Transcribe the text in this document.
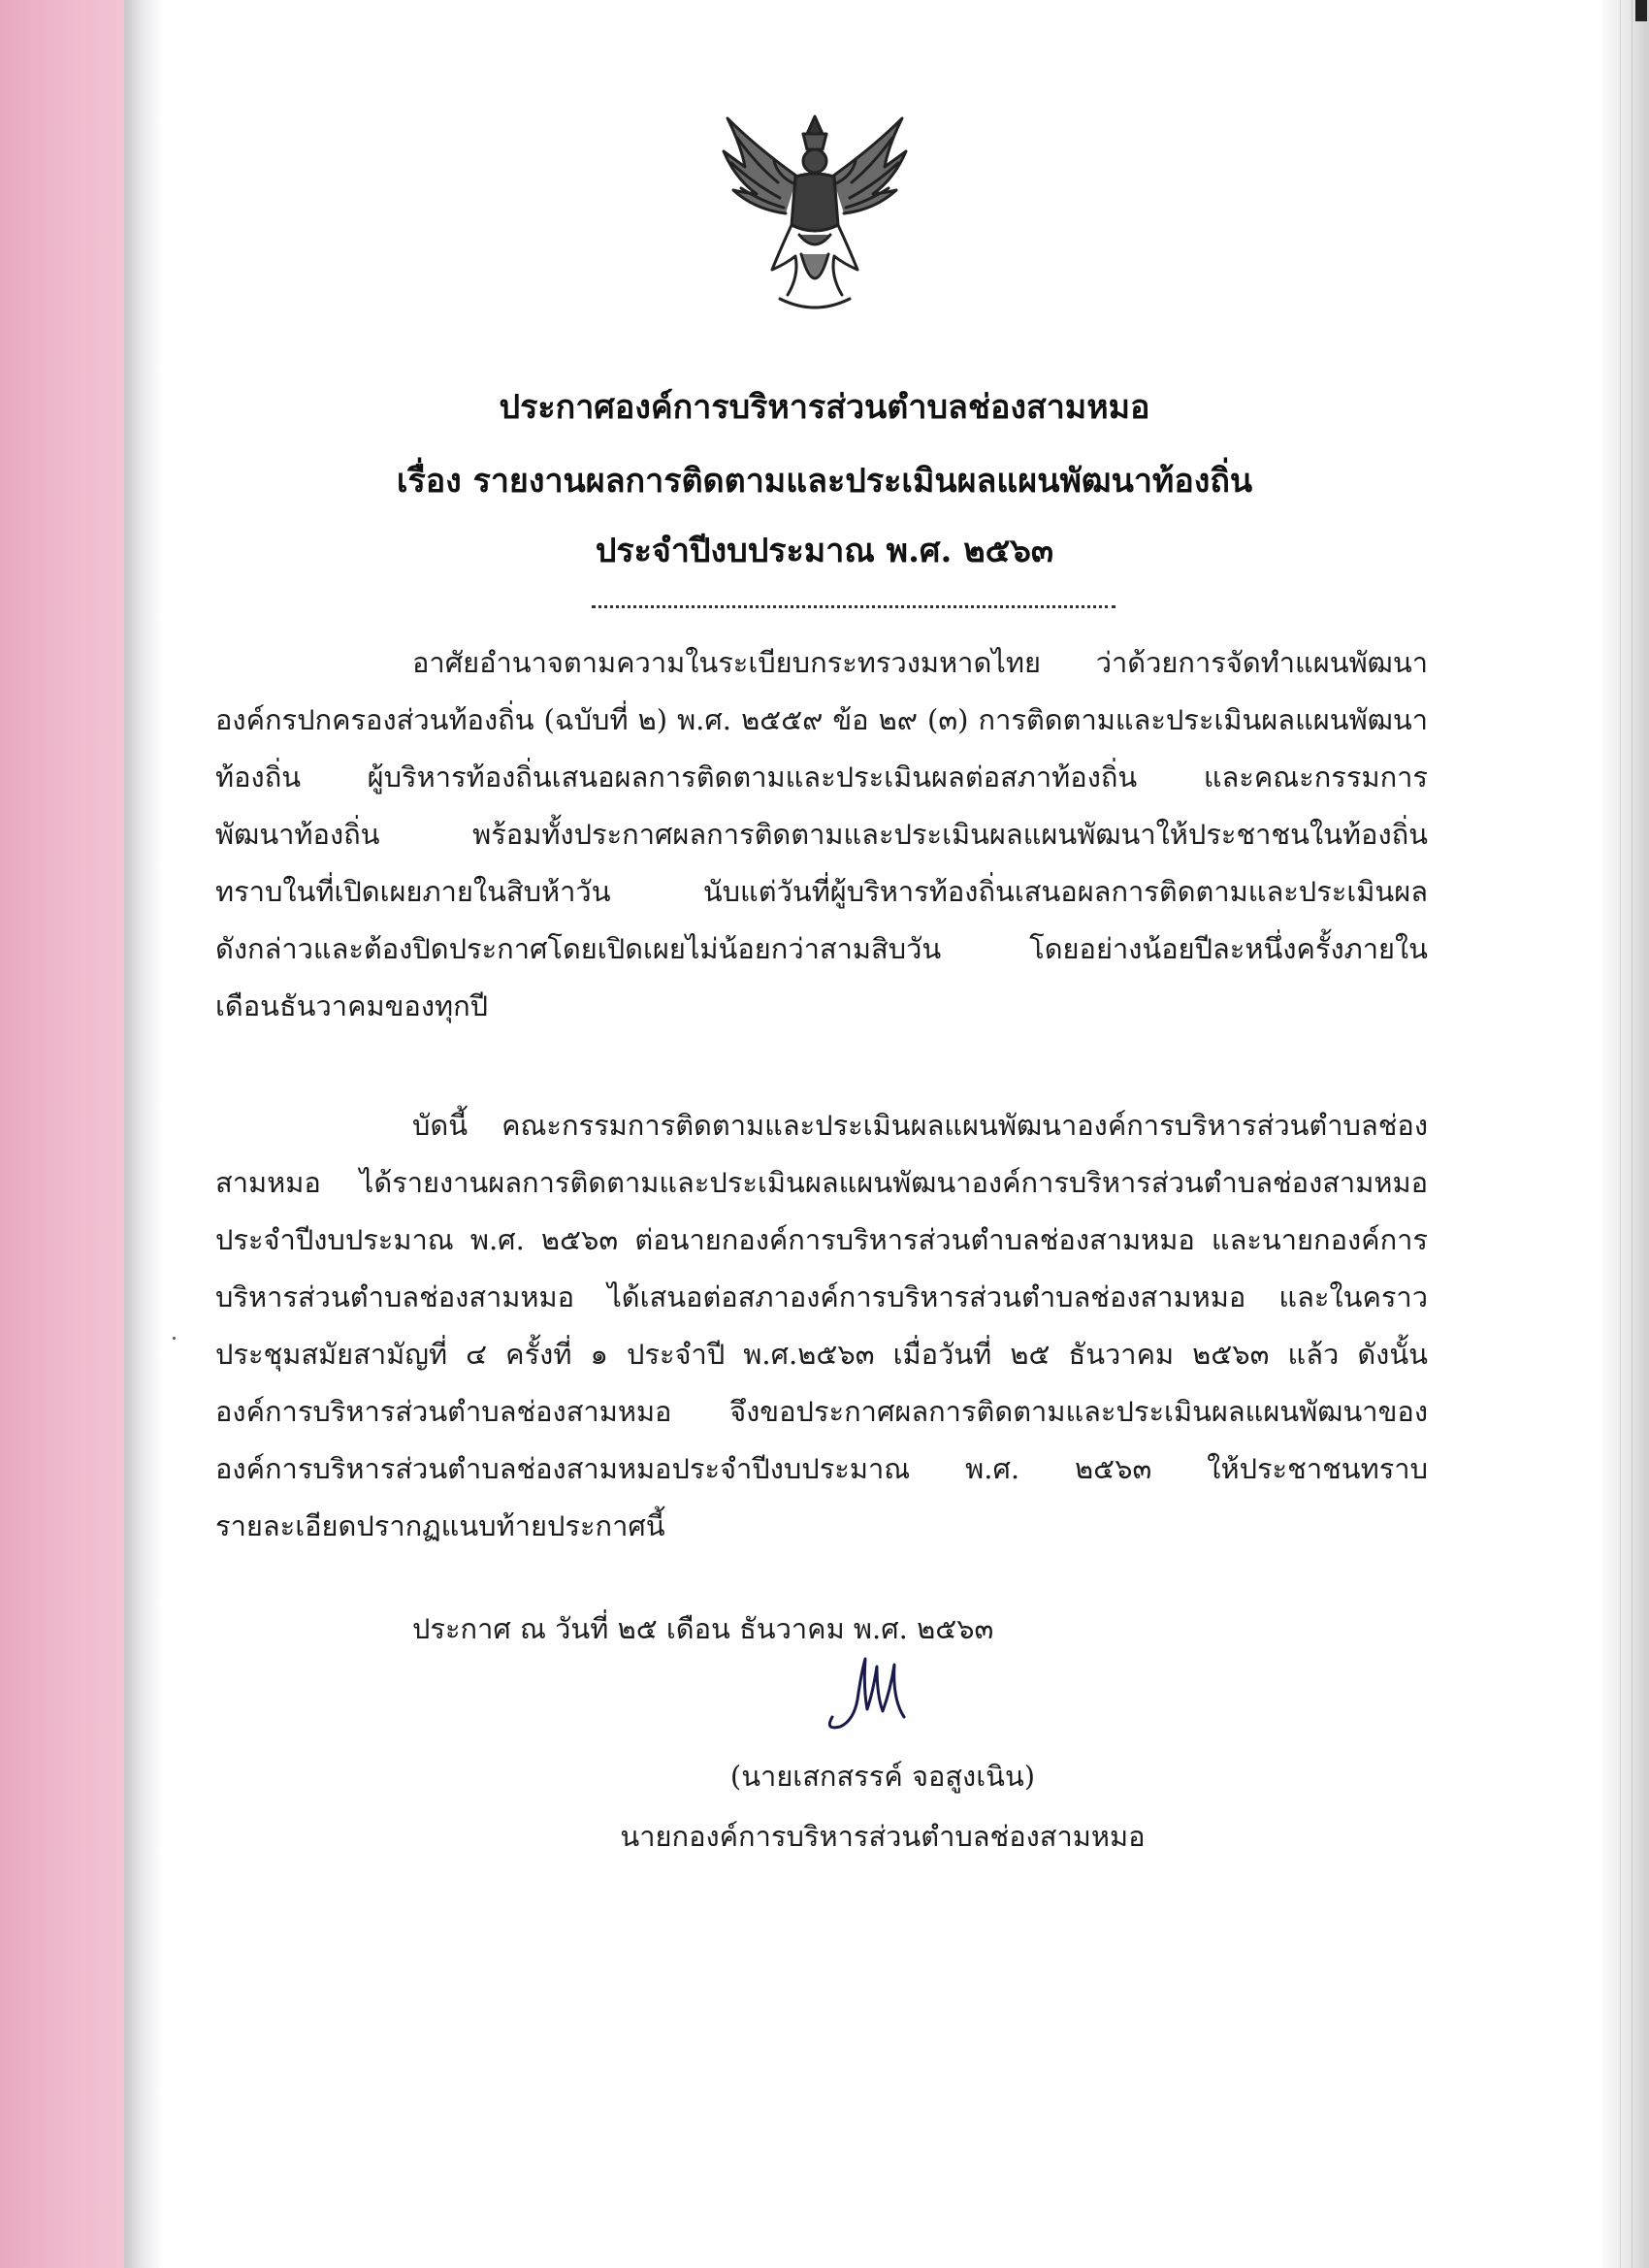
ประกาศองค์การบริหารส่วนตำบลช่องสามหมอ
เรื่อง รายงานผลการติดตามและประเมินผลแผนพัฒนาท้องถิ่น
ประจำปีงบประมาณ พ.ศ. ๒๕๖๓
อาศัยอำนาจตามความในระเบียบกระทรวงมหาดไทย ว่าด้วยการจัดทำแผนพัฒนา
องค์กรปกครองส่วนท้องถิ่น (ฉบับที่ ๒) พ.ศ. ๒๕๕๙ ข้อ ๒๙ (๓) การติดตามและประเมินผลแผนพัฒนา
ท้องถิ่น ผู้บริหารท้องถิ่นเสนอผลการติดตามและประเมินผลต่อสภาท้องถิ่น และคณะกรรมการ
พัฒนาท้องถิ่น พร้อมทั้งประกาศผลการติดตามและประเมินผลแผนพัฒนาให้ประชาชนในท้องถิ่น
ทราบในที่เปิดเผยภายในสิบห้าวัน นับแต่วันที่ผู้บริหารท้องถิ่นเสนอผลการติดตามและประเมินผล
ดังกล่าวและต้องปิดประกาศโดยเปิดเผยไม่น้อยกว่าสามสิบวัน โดยอย่างน้อยปีละหนึ่งครั้งภายใน
เดือนธันวาคมของทุกปี
บัดนี้ คณะกรรมการติดตามและประเมินผลแผนพัฒนาองค์การบริหารส่วนตำบลช่อง
สามหมอ ได้รายงานผลการติดตามและประเมินผลแผนพัฒนาองค์การบริหารส่วนตำบลช่องสามหมอ
ประจำปีงบประมาณ พ.ศ. ๒๕๖๓ ต่อนายกองค์การบริหารส่วนตำบลช่องสามหมอ และนายกองค์การ
บริหารส่วนตำบลช่องสามหมอ ได้เสนอต่อสภาองค์การบริหารส่วนตำบลช่องสามหมอ และในคราว
ประชุมสมัยสามัญที่ ๔ ครั้งที่ ๑ ประจำปี พ.ศ.๒๕๖๓ เมื่อวันที่ ๒๕ ธันวาคม ๒๕๖๓ แล้ว ดังนั้น
องค์การบริหารส่วนตำบลช่องสามหมอ จึงขอประกาศผลการติดตามและประเมินผลแผนพัฒนาของ
องค์การบริหารส่วนตำบลช่องสามหมอประจำปีงบประมาณ พ.ศ. ๒๕๖๓ ให้ประชาชนทราบ
รายละเอียดปรากฏแนบท้ายประกาศนี้
ประกาศ ณ วันที่ ๒๕ เดือน ธันวาคม พ.ศ. ๒๕๖๓
(นายเสกสรรค์ จอสูงเนิน)
นายกองค์การบริหารส่วนตำบลช่องสามหมอ
